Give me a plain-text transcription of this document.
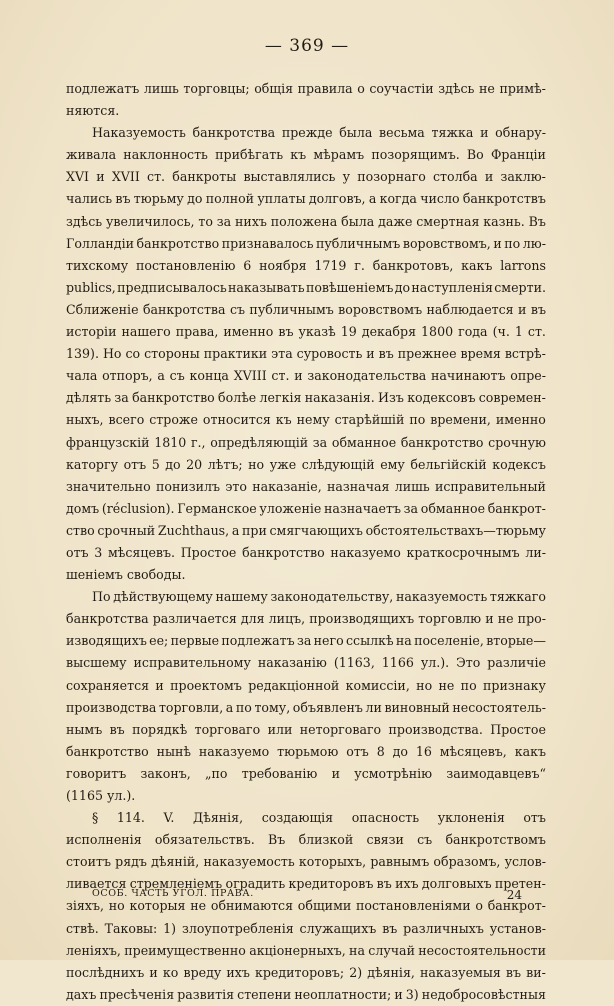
— 369 —
подлежатъ лишь торговцы; общія правила о соучастіи здѣсь не примѣ-
няются.
Наказуемость банкротства прежде была весьма тяжка и обнару-
живала наклонность прибѣгать къ мѣрамъ позорящимъ. Во Франціи
XVI и XVII ст. банкроты выставлялись у позорнаго столба и заклю-
чались въ тюрьму до полной уплаты долговъ, а когда число банкротствъ
здѣсь увеличилось, то за нихъ положена была даже смертная казнь. Въ
Голландіи банкротство признавалось публичнымъ воровствомъ, и по лю-
тихскому постановленію 6 ноября 1719 г. банкротовъ, какъ larrons
publics, предписывалось наказывать повѣшеніемъ до наступленія смерти.
Сближеніе банкротства съ публичнымъ воровствомъ наблюдается и въ
исторіи нашего права, именно въ указѣ 19 декабря 1800 года (ч. 1 ст.
139). Но со стороны практики эта суровость и въ прежнее время встрѣ-
чала отпоръ, а съ конца XVIII ст. и законодательства начинаютъ опре-
дѣлять за банкротство болѣе легкія наказанія. Изъ кодексовъ современ-
ныхъ, всего строже относится къ нему старѣйшій по времени, именно
французскій 1810 г., опредѣляющій за обманное банкротство срочную
каторгу отъ 5 до 20 лѣтъ; но уже слѣдующій ему бельгійскій кодексъ
значительно понизилъ это наказаніе, назначая лишь исправительный
домъ (réclusion). Германское уложеніе назначаетъ за обманное банкрот-
ство срочный Zuchthaus, а при смягчающихъ обстоятельствахъ—тюрьму
отъ 3 мѣсяцевъ. Простое банкротство наказуемо краткосрочнымъ ли-
шеніемъ свободы.
По дѣйствующему нашему законодательству, наказуемость тяжкаго
банкротства различается для лицъ, производящихъ торговлю и не про-
изводящихъ ее; первые подлежатъ за него ссылкѣ на поселеніе, вторые—
высшему исправительному наказанію (1163, 1166 ул.). Это различіе
сохраняется и проектомъ редакціонной комиссіи, но не по признаку
производства торговли, а по тому, объявленъ ли виновный несостоятель-
нымъ въ порядкѣ торговаго или неторговаго производства. Простое
банкротство нынѣ наказуемо тюрьмою отъ 8 до 16 мѣсяцевъ, какъ
говоритъ законъ, „по требованію и усмотрѣнію заимодавцевъ“
(1165 ул.).
§ 114. V. Дѣянія, создающія опасность уклоненія отъ
исполненія обязательствъ. Въ близкой связи съ банкротствомъ
стоитъ рядъ дѣяній, наказуемость которыхъ, равнымъ образомъ, услов-
ливается стремленіемъ оградить кредиторовъ въ ихъ долговыхъ претен-
зіяхъ, но которыя не обнимаются общими постановленіями о банкрот-
ствѣ. Таковы: 1) злоупотребленія служащихъ въ различныхъ установ-
леніяхъ, преимущественно акціонерныхъ, на случай несостоятельности
послѣднихъ и ко вреду ихъ кредиторовъ; 2) дѣянія, наказуемыя въ ви-
дахъ пресѣченія развитія степени неоплатности; и 3) недобросовѣстныя
ОСОБ. ЧАСТЬ УГОЛ. ПРАВА.	24
